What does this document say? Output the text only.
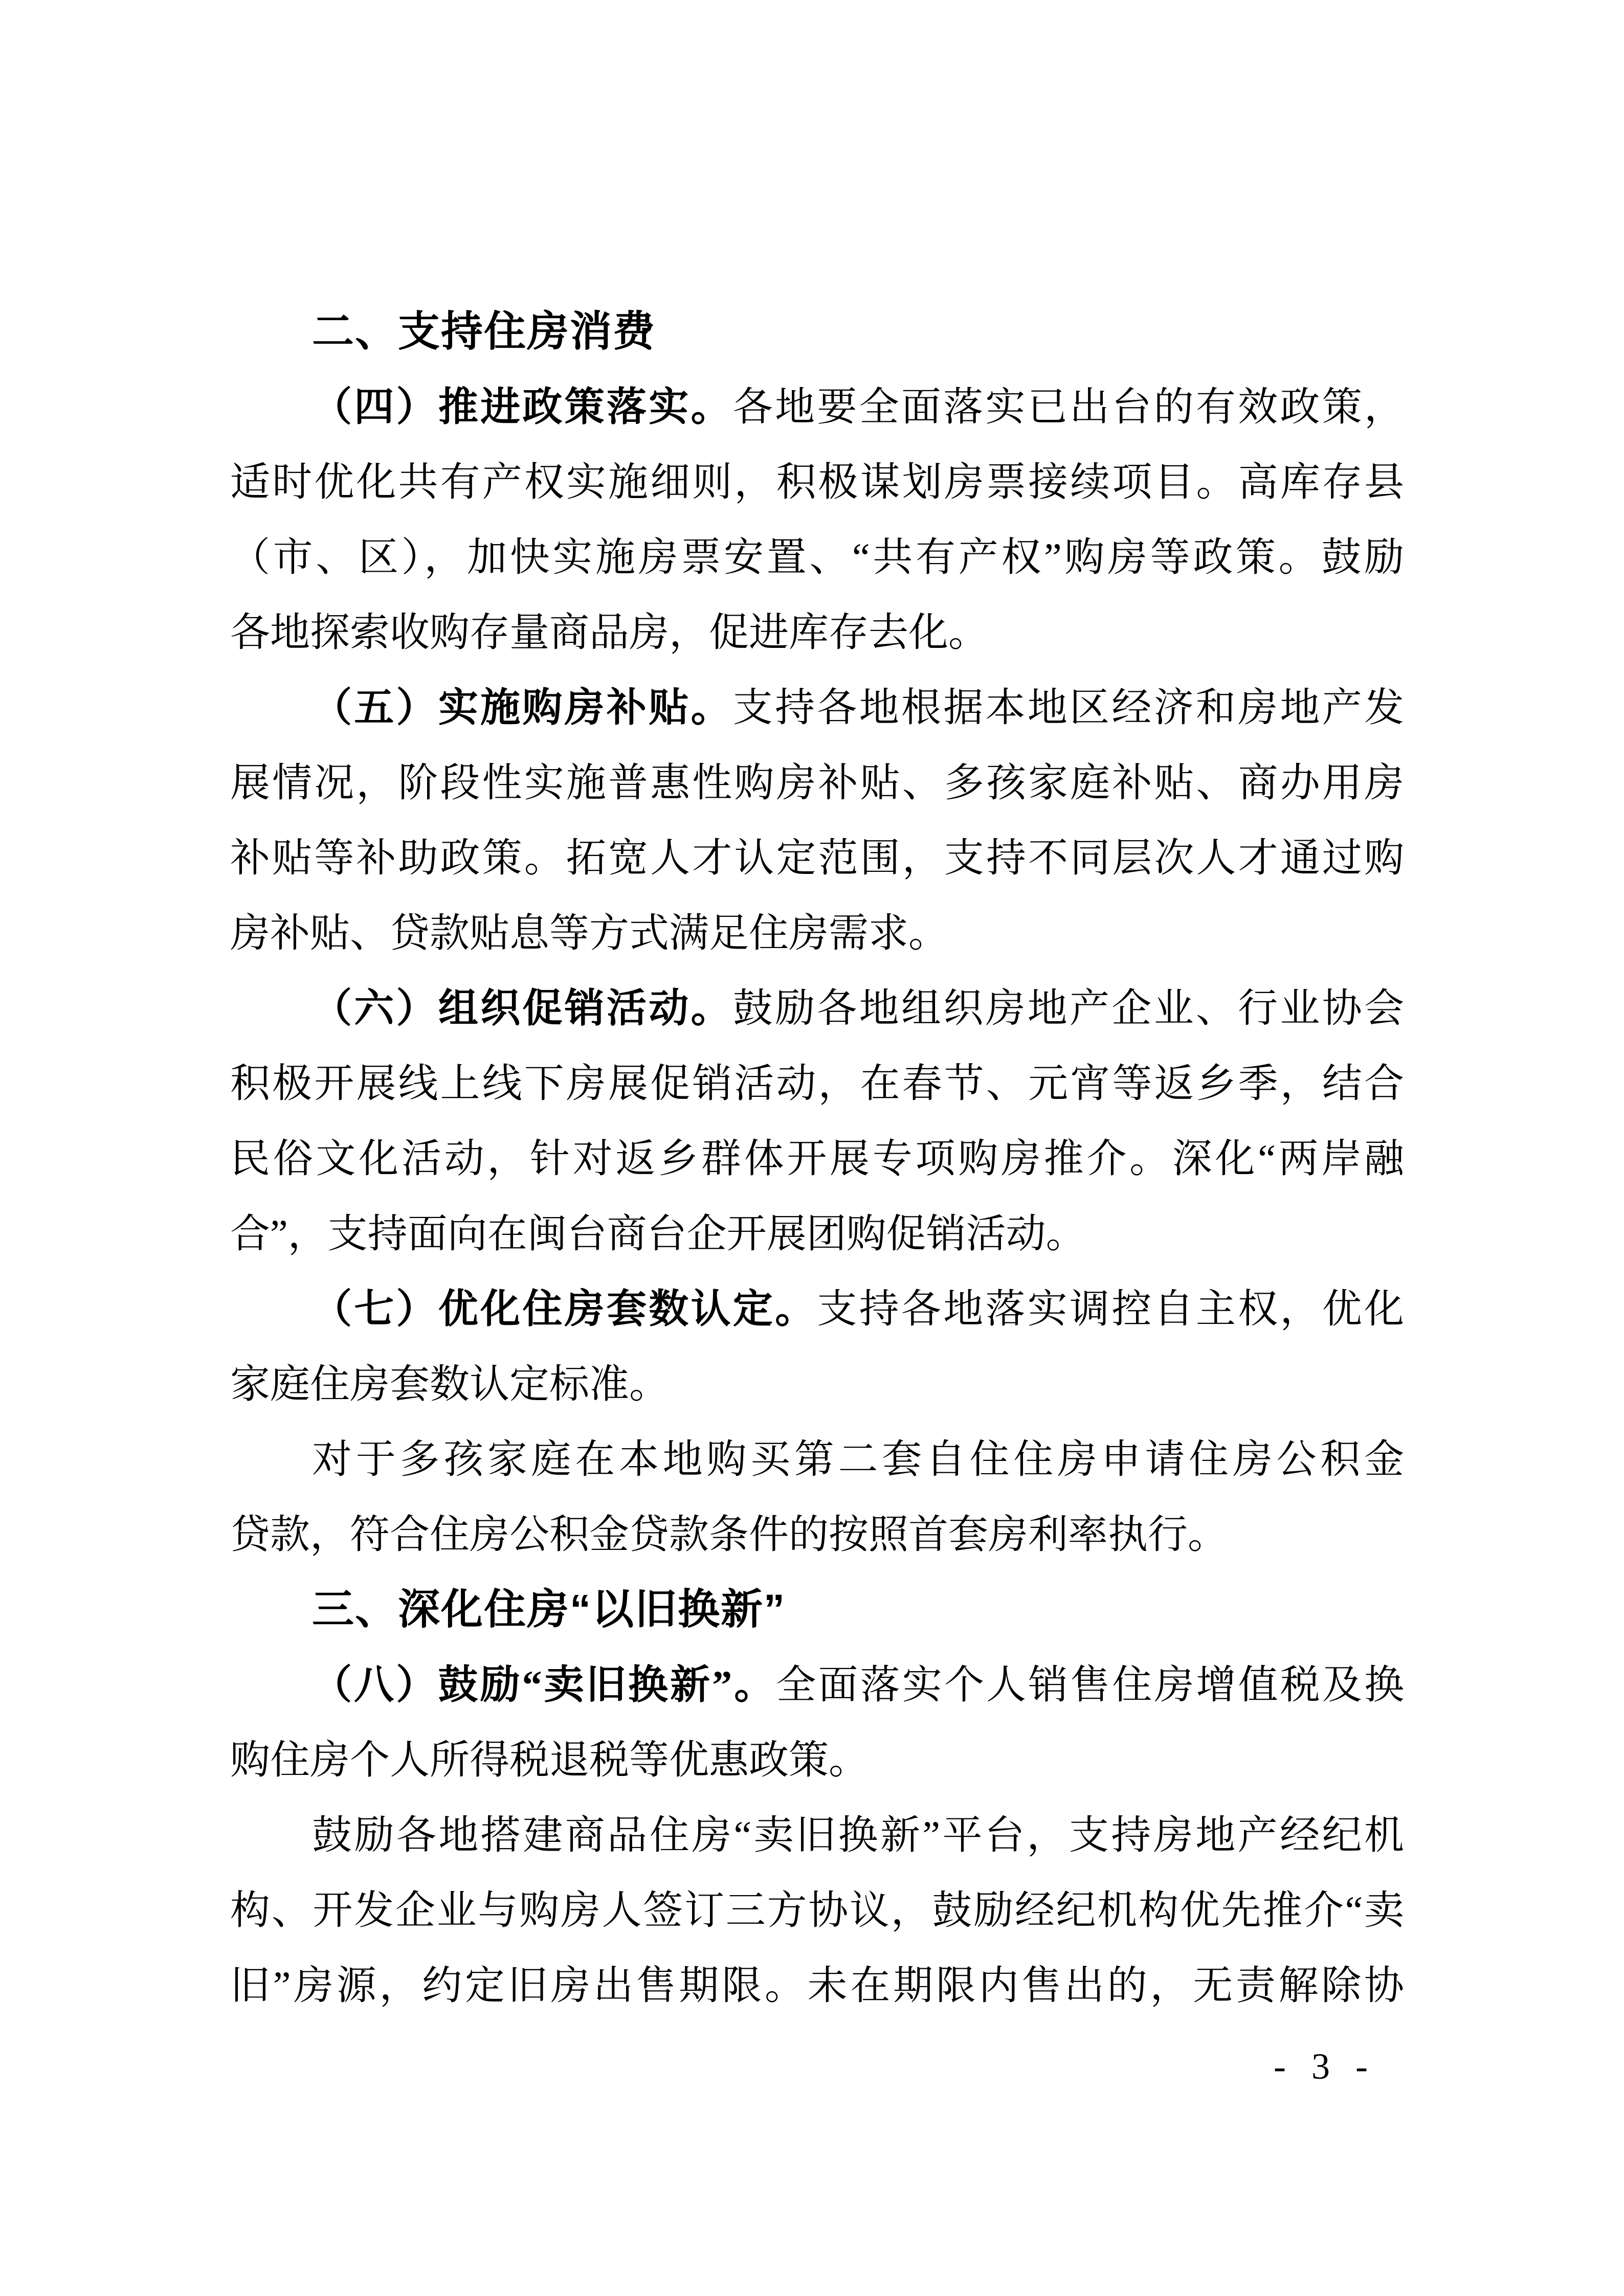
二、支持住房消费
（四）推进政策落实。各地要全面落实已出台的有效政策，
适时优化共有产权实施细则，积极谋划房票接续项目。高库存县
（市、区），加快实施房票安置、“共有产权”购房等政策。鼓励
各地探索收购存量商品房，促进库存去化。
（五）实施购房补贴。支持各地根据本地区经济和房地产发
展情况，阶段性实施普惠性购房补贴、多孩家庭补贴、商办用房
补贴等补助政策。拓宽人才认定范围，支持不同层次人才通过购
房补贴、贷款贴息等方式满足住房需求。
（六）组织促销活动。鼓励各地组织房地产企业、行业协会
积极开展线上线下房展促销活动，在春节、元宵等返乡季，结合
民俗文化活动，针对返乡群体开展专项购房推介。深化“两岸融
合”，支持面向在闽台商台企开展团购促销活动。
（七）优化住房套数认定。支持各地落实调控自主权，优化
家庭住房套数认定标准。
对于多孩家庭在本地购买第二套自住住房申请住房公积金
贷款，符合住房公积金贷款条件的按照首套房利率执行。
三、深化住房“以旧换新”
（八）鼓励“卖旧换新”。全面落实个人销售住房增值税及换
购住房个人所得税退税等优惠政策。
鼓励各地搭建商品住房“卖旧换新”平台，支持房地产经纪机
构、开发企业与购房人签订三方协议，鼓励经纪机构优先推介“卖
旧”房源，约定旧房出售期限。未在期限内售出的，无责解除协
- 3 -
